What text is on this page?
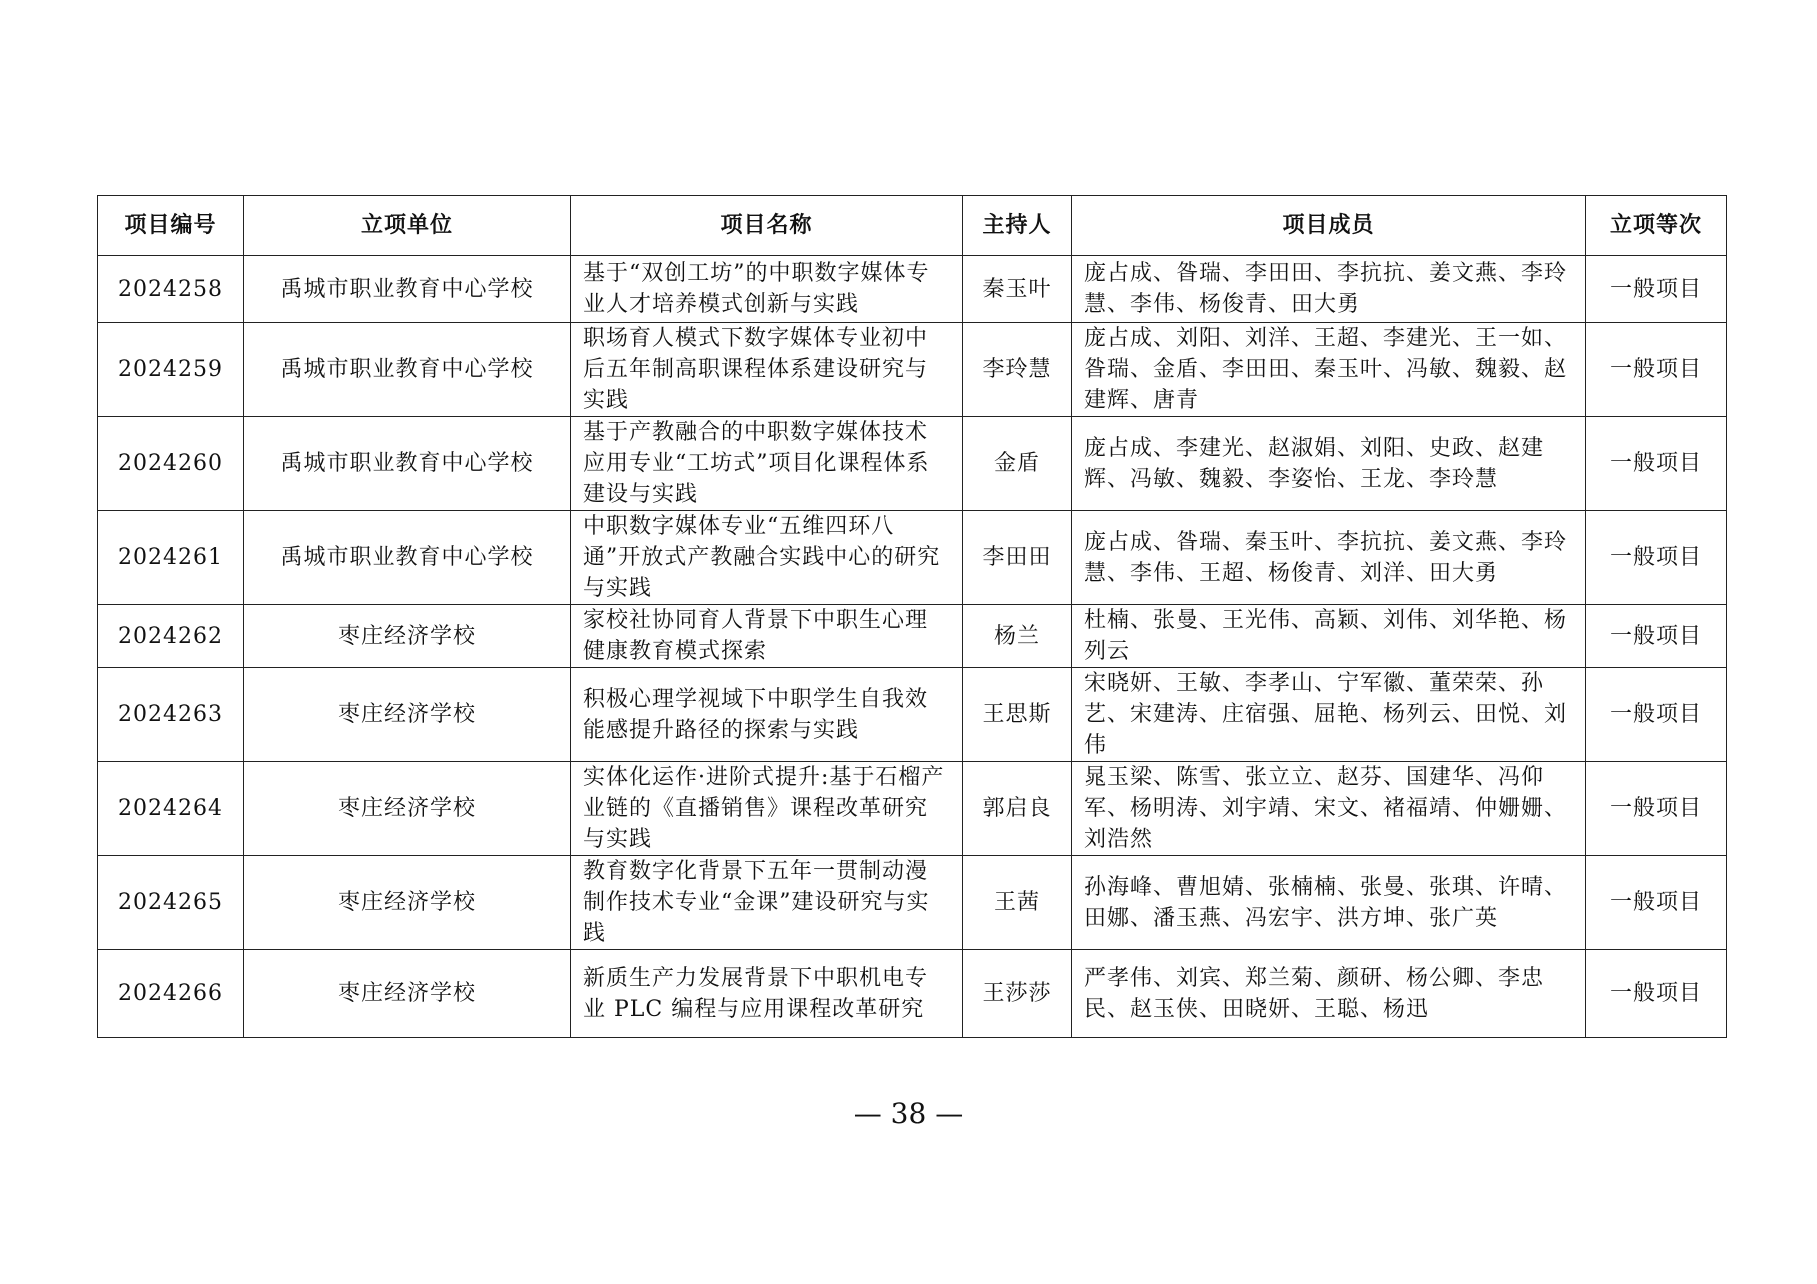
项目编号	立项单位	项目名称	主持人	项目成员	立项等次
2024258	禹城市职业教育中心学校	基于“双创工坊”的中职数字媒体专业人才培养模式创新与实践	秦玉叶	庞占成、昝瑞、李田田、李抗抗、姜文燕、李玲慧、李伟、杨俊青、田大勇	一般项目
2024259	禹城市职业教育中心学校	职场育人模式下数字媒体专业初中后五年制高职课程体系建设研究与实践	李玲慧	庞占成、刘阳、刘洋、王超、李建光、王一如、昝瑞、金盾、李田田、秦玉叶、冯敏、魏毅、赵建辉、唐青	一般项目
2024260	禹城市职业教育中心学校	基于产教融合的中职数字媒体技术应用专业“工坊式”项目化课程体系建设与实践	金盾	庞占成、李建光、赵淑娟、刘阳、史政、赵建辉、冯敏、魏毅、李姿怡、王龙、李玲慧	一般项目
2024261	禹城市职业教育中心学校	中职数字媒体专业“五维四环八通”开放式产教融合实践中心的研究与实践	李田田	庞占成、昝瑞、秦玉叶、李抗抗、姜文燕、李玲慧、李伟、王超、杨俊青、刘洋、田大勇	一般项目
2024262	枣庄经济学校	家校社协同育人背景下中职生心理健康教育模式探索	杨兰	杜楠、张曼、王光伟、高颖、刘伟、刘华艳、杨列云	一般项目
2024263	枣庄经济学校	积极心理学视域下中职学生自我效能感提升路径的探索与实践	王思斯	宋晓妍、王敏、李孝山、宁军徽、董荣荣、孙艺、宋建涛、庄宿强、屈艳、杨列云、田悦、刘伟	一般项目
2024264	枣庄经济学校	实体化运作·进阶式提升:基于石榴产业链的《直播销售》课程改革研究与实践	郭启良	晁玉梁、陈雪、张立立、赵芬、国建华、冯仰军、杨明涛、刘宇靖、宋文、褚福靖、仲姗姗、刘浩然	一般项目
2024265	枣庄经济学校	教育数字化背景下五年一贯制动漫制作技术专业“金课”建设研究与实践	王茜	孙海峰、曹旭婧、张楠楠、张曼、张琪、许晴、田娜、潘玉燕、冯宏宇、洪方坤、张广英	一般项目
2024266	枣庄经济学校	新质生产力发展背景下中职机电专业 PLC 编程与应用课程改革研究	王莎莎	严孝伟、刘宾、郑兰菊、颜研、杨公卿、李忠民、赵玉侠、田晓妍、王聪、杨迅	一般项目
— 38 —
